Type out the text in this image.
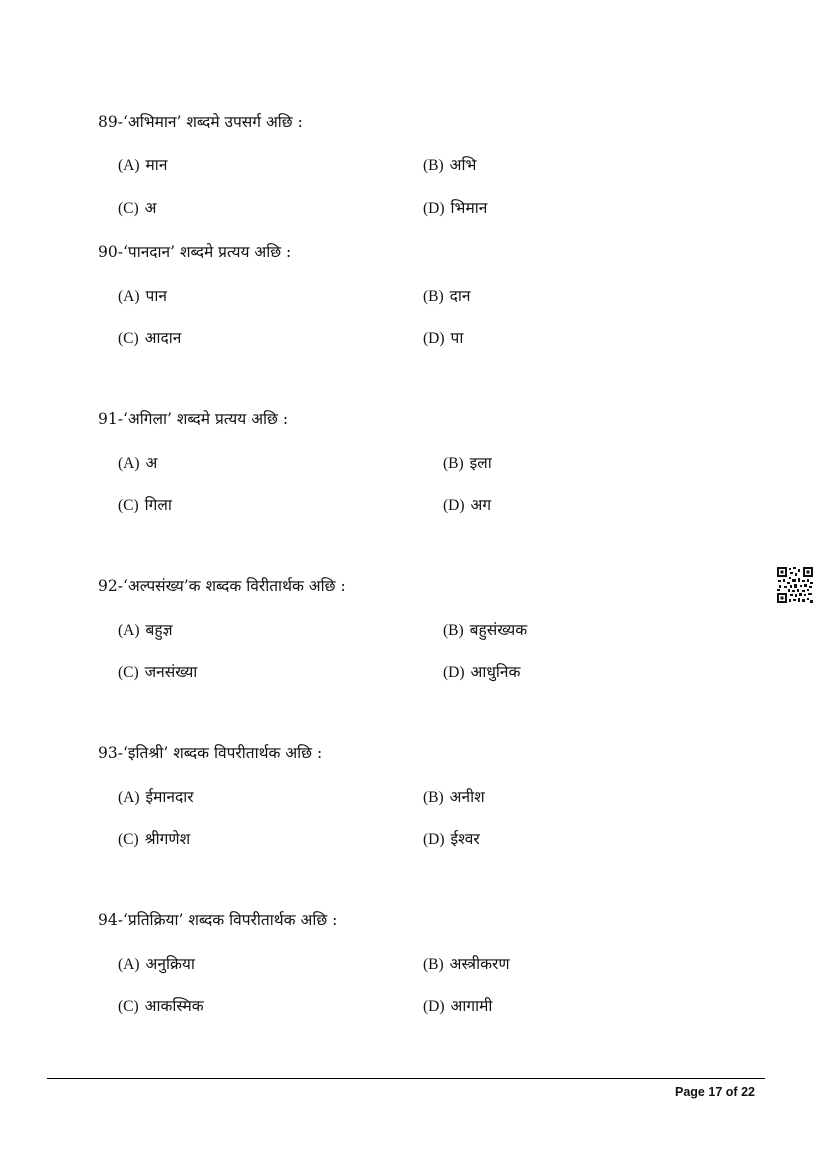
89-‘अभिमान’ शब्दमे उपसर्ग अछि :
(A) मान	(B) अभि
(C) अ	(D) भिमान
90-‘पानदान’ शब्दमे प्रत्यय अछि :
(A) पान	(B) दान
(C) आदान	(D) पा
91-‘अगिला’ शब्दमे प्रत्यय अछि :
(A) अ	(B) इला
(C) गिला	(D) अग
92-‘अल्पसंख्य’क शब्दक विरीतार्थक अछि :
(A) बहुज्ञ	(B) बहुसंख्यक
(C) जनसंख्या	(D) आधुनिक
93-‘इतिश्री’ शब्दक विपरीतार्थक अछि :
(A) ईमानदार	(B) अनीश
(C) श्रीगणेश	(D) ईश्वर
94-‘प्रतिक्रिया’ शब्दक विपरीतार्थक अछि :
(A) अनुक्रिया	(B) अस्त्रीकरण
(C) आकस्मिक	(D) आगामी
Page 17 of 22
